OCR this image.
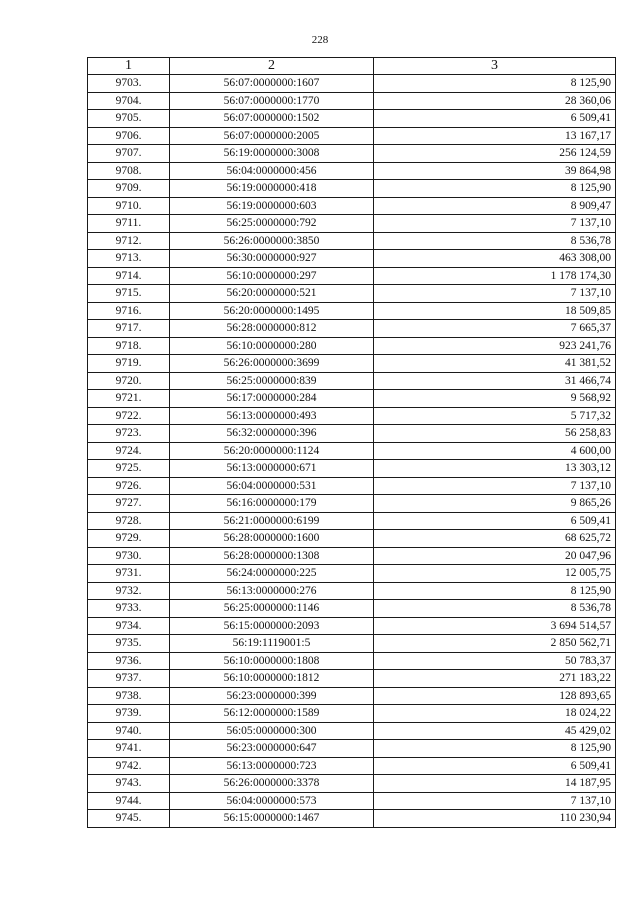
228
1	2	3
9703.	56:07:0000000:1607	8 125,90
9704.	56:07:0000000:1770	28 360,06
9705.	56:07:0000000:1502	6 509,41
9706.	56:07:0000000:2005	13 167,17
9707.	56:19:0000000:3008	256 124,59
9708.	56:04:0000000:456	39 864,98
9709.	56:19:0000000:418	8 125,90
9710.	56:19:0000000:603	8 909,47
9711.	56:25:0000000:792	7 137,10
9712.	56:26:0000000:3850	8 536,78
9713.	56:30:0000000:927	463 308,00
9714.	56:10:0000000:297	1 178 174,30
9715.	56:20:0000000:521	7 137,10
9716.	56:20:0000000:1495	18 509,85
9717.	56:28:0000000:812	7 665,37
9718.	56:10:0000000:280	923 241,76
9719.	56:26:0000000:3699	41 381,52
9720.	56:25:0000000:839	31 466,74
9721.	56:17:0000000:284	9 568,92
9722.	56:13:0000000:493	5 717,32
9723.	56:32:0000000:396	56 258,83
9724.	56:20:0000000:1124	4 600,00
9725.	56:13:0000000:671	13 303,12
9726.	56:04:0000000:531	7 137,10
9727.	56:16:0000000:179	9 865,26
9728.	56:21:0000000:6199	6 509,41
9729.	56:28:0000000:1600	68 625,72
9730.	56:28:0000000:1308	20 047,96
9731.	56:24:0000000:225	12 005,75
9732.	56:13:0000000:276	8 125,90
9733.	56:25:0000000:1146	8 536,78
9734.	56:15:0000000:2093	3 694 514,57
9735.	56:19:1119001:5	2 850 562,71
9736.	56:10:0000000:1808	50 783,37
9737.	56:10:0000000:1812	271 183,22
9738.	56:23:0000000:399	128 893,65
9739.	56:12:0000000:1589	18 024,22
9740.	56:05:0000000:300	45 429,02
9741.	56:23:0000000:647	8 125,90
9742.	56:13:0000000:723	6 509,41
9743.	56:26:0000000:3378	14 187,95
9744.	56:04:0000000:573	7 137,10
9745.	56:15:0000000:1467	110 230,94
